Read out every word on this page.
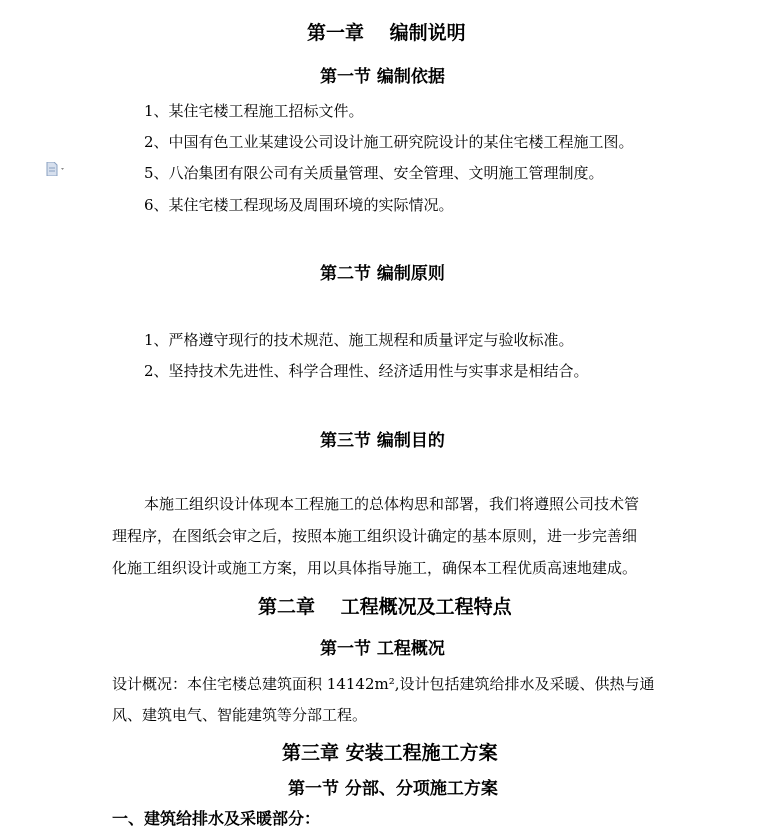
第一章　 编制说明
第一节 编制依据
1、某住宅楼工程施工招标文件。
2、中国有色工业某建设公司设计施工研究院设计的某住宅楼工程施工图。
5、八冶集团有限公司有关质量管理、安全管理、文明施工管理制度。
6、某住宅楼工程现场及周围环境的实际情况。
第二节 编制原则
1、严格遵守现行的技术规范、施工规程和质量评定与验收标准。
2、坚持技术先进性、科学合理性、经济适用性与实事求是相结合。
第三节 编制目的
本施工组织设计体现本工程施工的总体构思和部署，我们将遵照公司技术管
理程序，在图纸会审之后，按照本施工组织设计确定的基本原则，进一步完善细
化施工组织设计或施工方案，用以具体指导施工，确保本工程优质高速地建成。
第二章　 工程概况及工程特点
第一节 工程概况
设计概况：本住宅楼总建筑面积 14142m²,设计包括建筑给排水及采暖、供热与通
风、建筑电气、智能建筑等分部工程。
第三章 安装工程施工方案
第一节 分部、分项施工方案
一、建筑给排水及采暖部分：
